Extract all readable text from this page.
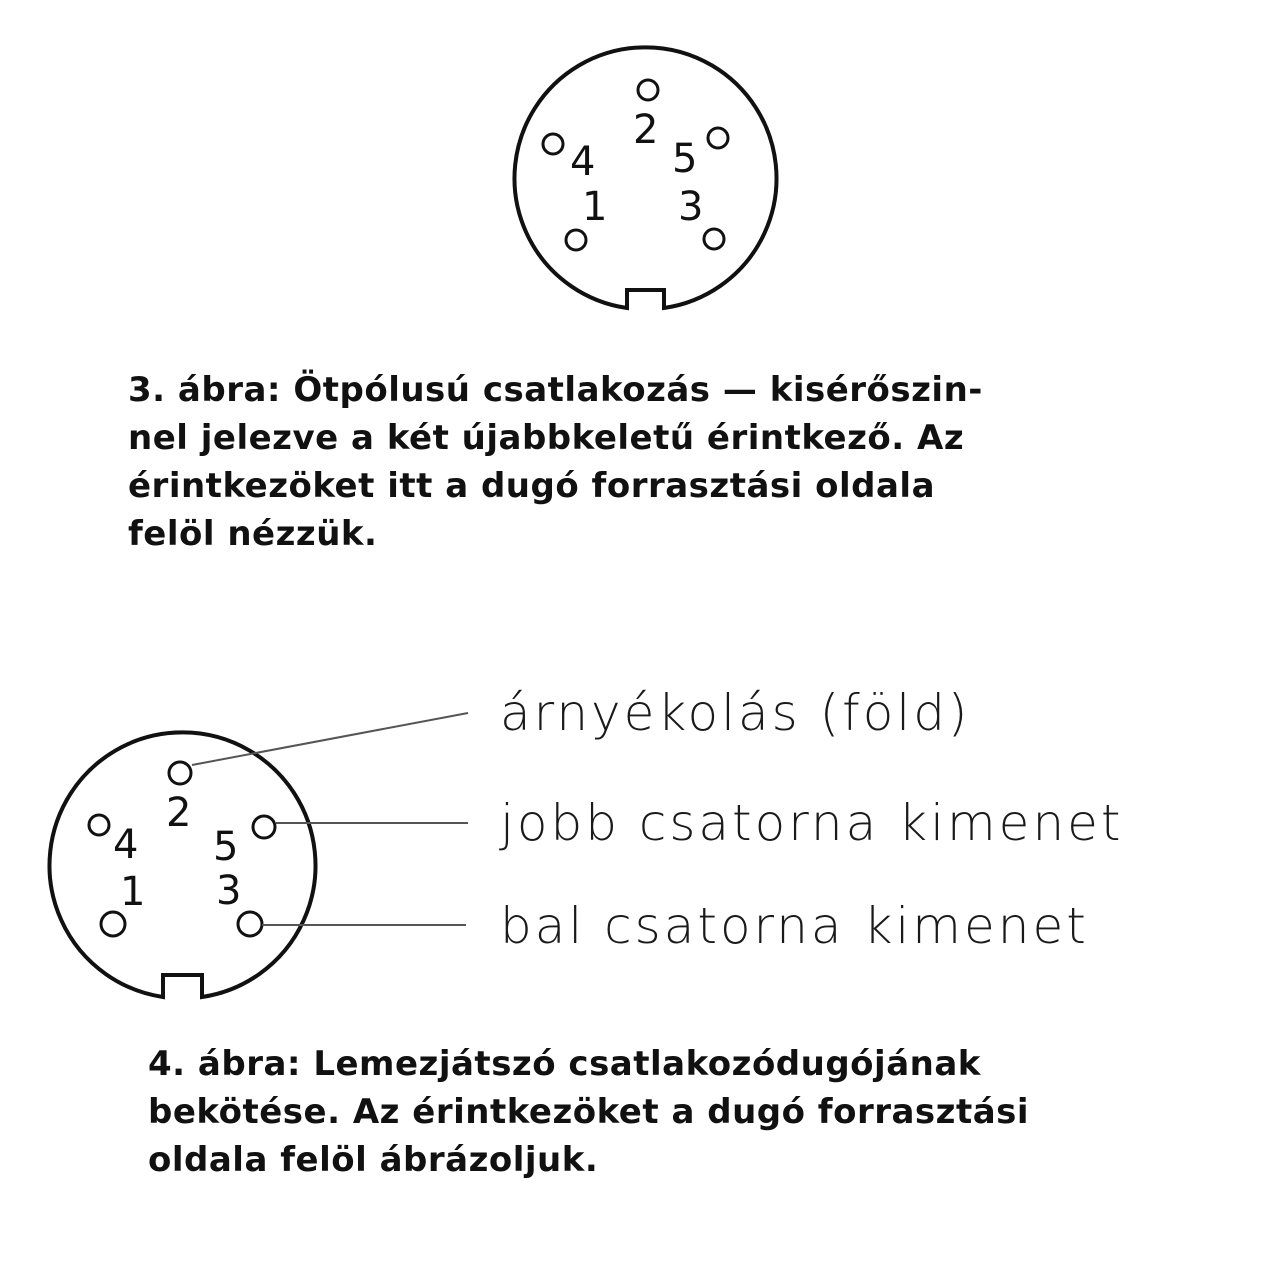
2
4 5
1 3
2
4 5
1 3
árnyékolás (föld)
jobb csatorna kimenet
bal csatorna kimenet
3. ábra: Ötpólusú csatlakozás — kisérőszin-
nel jelezve a két újabbkeletű érintkező. Az
érintkezöket itt a dugó forrasztási oldala
felöl nézzük.
4. ábra: Lemezjátszó csatlakozódugójának
bekötése. Az érintkezöket a dugó forrasztási
oldala felöl ábrázoljuk.
